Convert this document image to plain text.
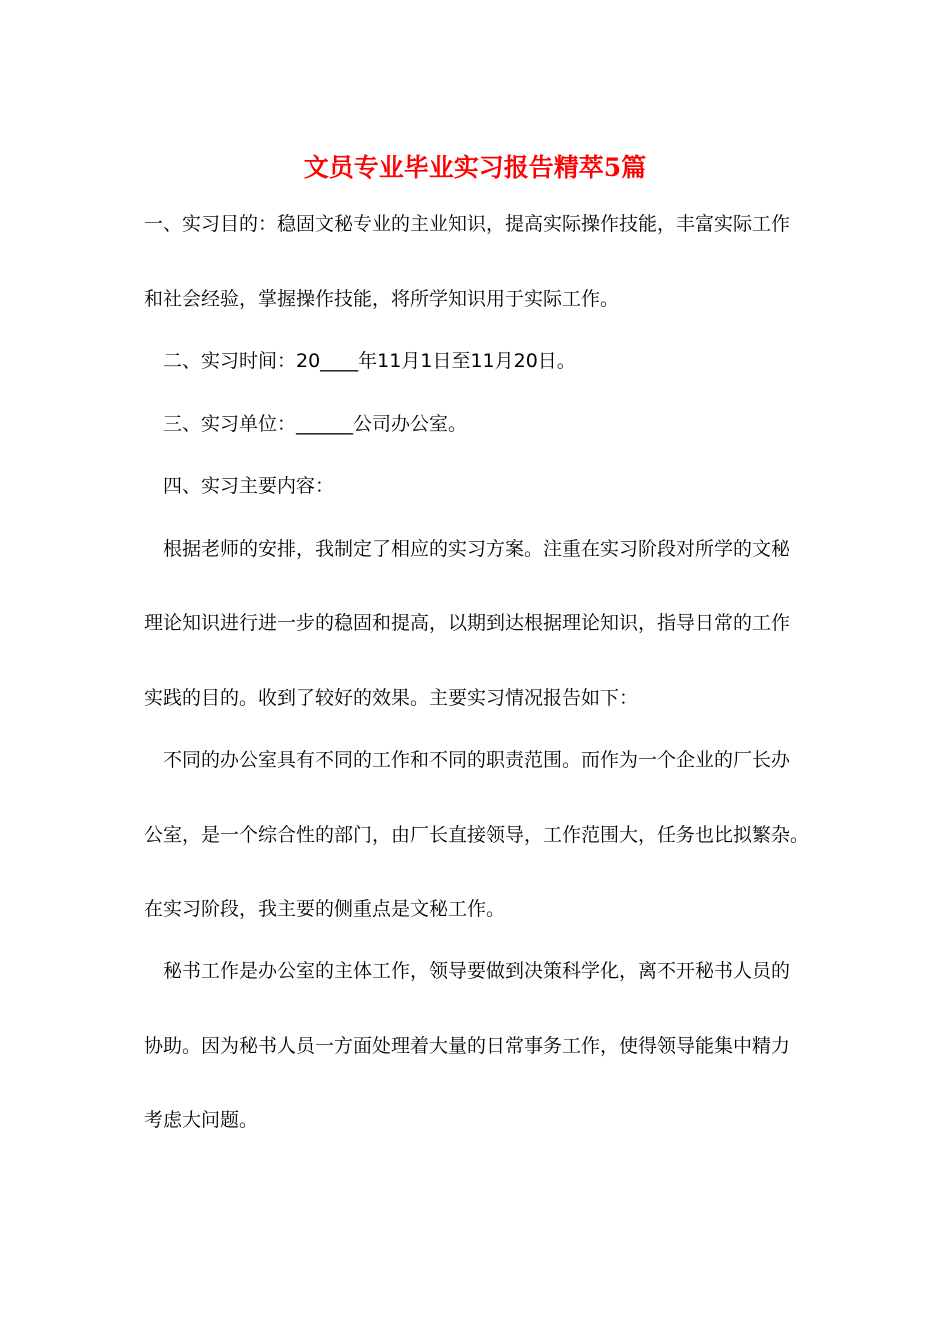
文员专业毕业实习报告精萃5篇
一、实习目的：稳固文秘专业的主业知识，提高实际操作技能，丰富实际工作
和社会经验，掌握操作技能，将所学知识用于实际工作。
二、实习时间：20____年11月1日至11月20日。
三、实习单位：______公司办公室。
四、实习主要内容：
根据老师的安排，我制定了相应的实习方案。注重在实习阶段对所学的文秘
理论知识进行进一步的稳固和提高，以期到达根据理论知识，指导日常的工作
实践的目的。收到了较好的效果。主要实习情况报告如下：
不同的办公室具有不同的工作和不同的职责范围。而作为一个企业的厂长办
公室，是一个综合性的部门，由厂长直接领导，工作范围大，任务也比拟繁杂。
在实习阶段，我主要的侧重点是文秘工作。
秘书工作是办公室的主体工作，领导要做到决策科学化，离不开秘书人员的
协助。因为秘书人员一方面处理着大量的日常事务工作，使得领导能集中精力
考虑大问题。
